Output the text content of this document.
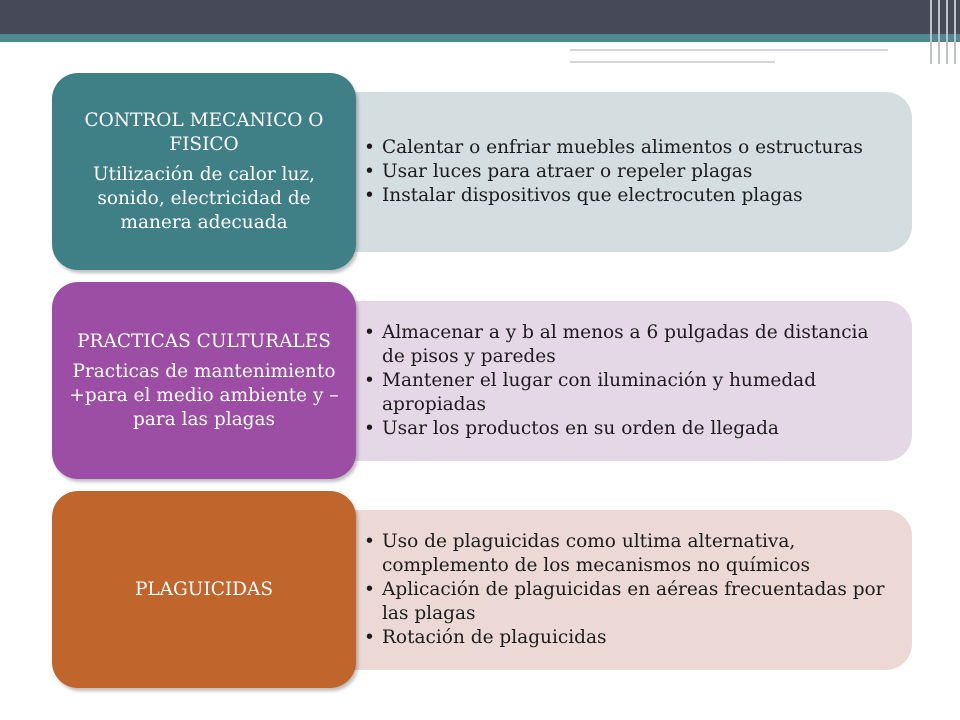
• Calentar o enfriar muebles alimentos o estructuras
• Usar luces para atraer o repeler plagas
• Instalar dispositivos que electrocuten plagas
CONTROL MECANICO O FISICO
Utilización de calor luz, sonido, electricidad de manera adecuada
• Almacenar a y b al menos a 6 pulgadas de distancia de pisos y paredes
• Mantener el lugar con iluminación y humedad apropiadas
• Usar los productos en su orden de llegada
PRACTICAS CULTURALES
Practicas de mantenimiento +para el medio ambiente y –para las plagas
• Uso de plaguicidas como ultima alternativa, complemento de los mecanismos no químicos
• Aplicación de plaguicidas en aéreas frecuentadas por las plagas
• Rotación de plaguicidas
PLAGUICIDAS
